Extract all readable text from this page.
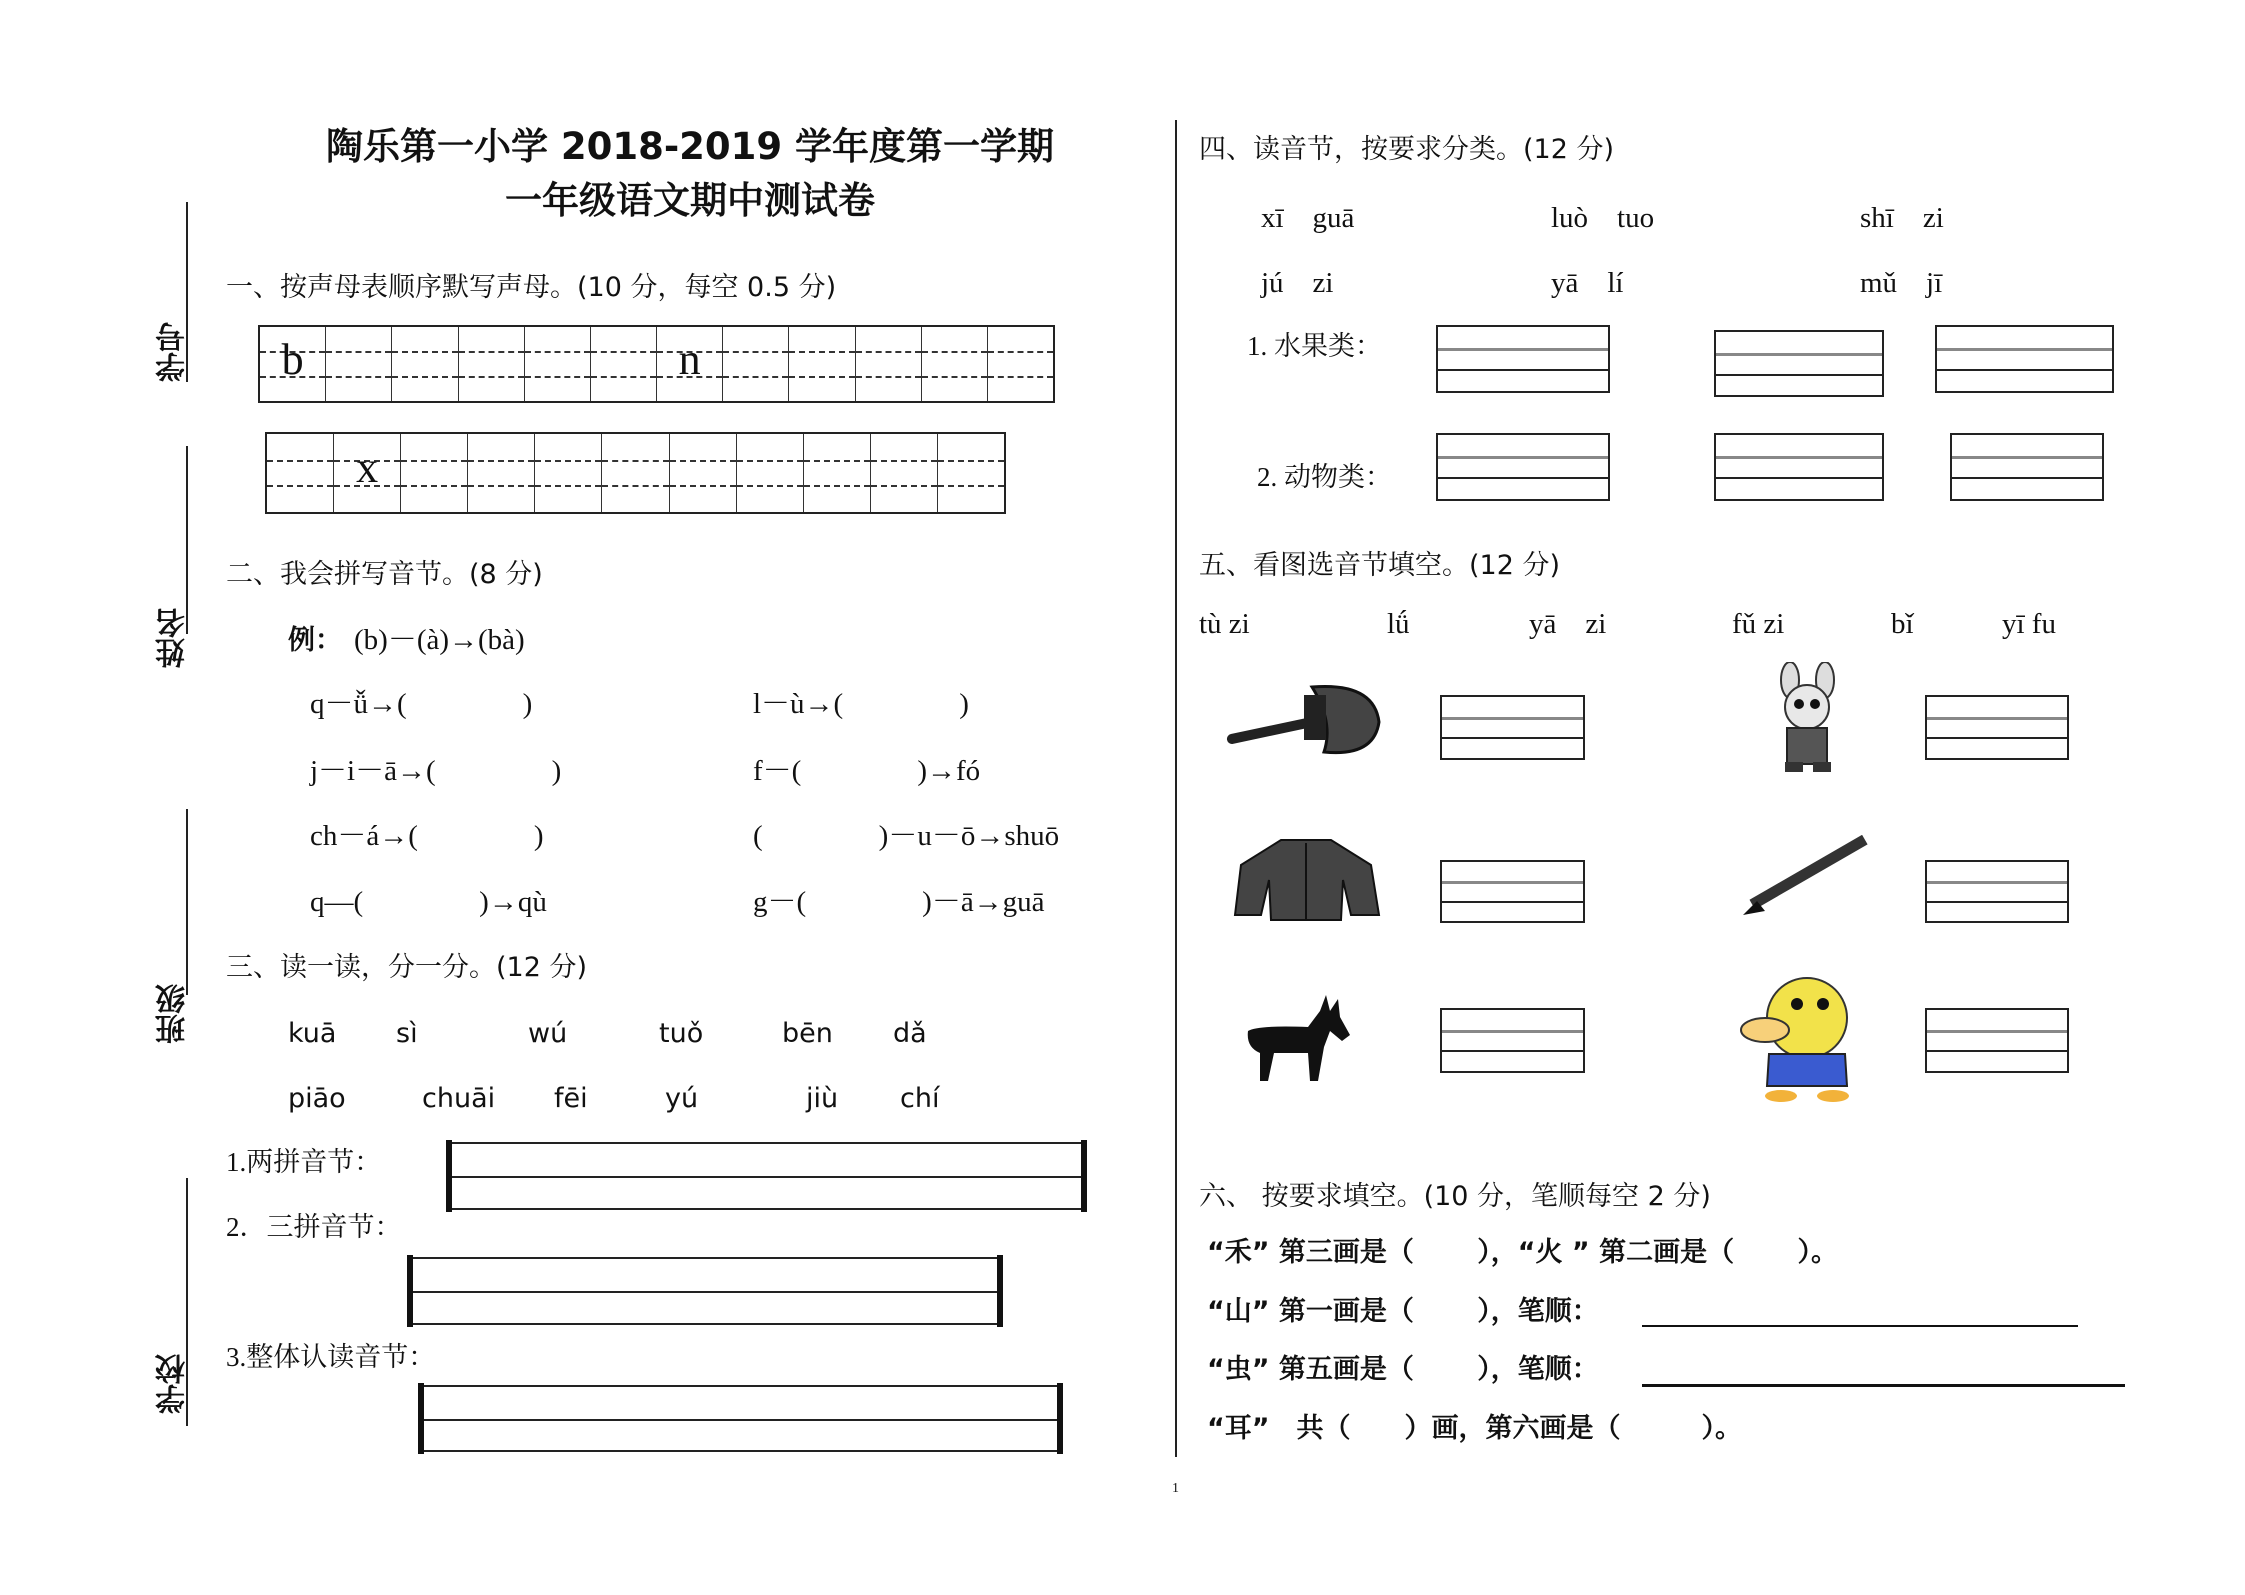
陶乐第一小学 2018-2019 学年度第一学期
一年级语文期中测试卷
学号
姓名
班级
学校
一、按声母表顺序默写声母。(10 分，每空 0.5 分)
b	n
x
二、我会拼写音节。(8 分)
例： (b)－(à)→(bà)
q－ǚ→(　　　　)	l－ù→(　　　　)
j－i－ā→(　　　　)	f－(　　　　)→fó
ch－á→(　　　　)	(　　　　)－u－ō→shuō
q—(　　　　)→qù	g－(　　　　)－ā→guā
三、读一读，分一分。(12 分)
kuā sì	wú	tuǒ	bēn dǎ
piāo	chuāi fēi	yú	jiù chí
1.两拼音节：
2．三拼音节：
3.整体认读音节：
四、读音节，按要求分类。(12 分)
xī　guā	luò　tuo	shī　zi
jú　zi	yā　lí	mǔ　jī
1. 水果类：
2. 动物类：
五、看图选音节填空。(12 分)
tù zi	lǘ	yā　zi	fǔ zi	bǐ	yī fu
六、 按要求填空。(10 分，笔顺每空 2 分)
“禾” 第三画是（　　 ），“火 ” 第二画是（　　 ）。
“山” 第一画是（　　 ），笔顺：
“虫” 第五画是（　　 ），笔顺：
“耳”　共（　　）画，第六画是（　　　）。
1
